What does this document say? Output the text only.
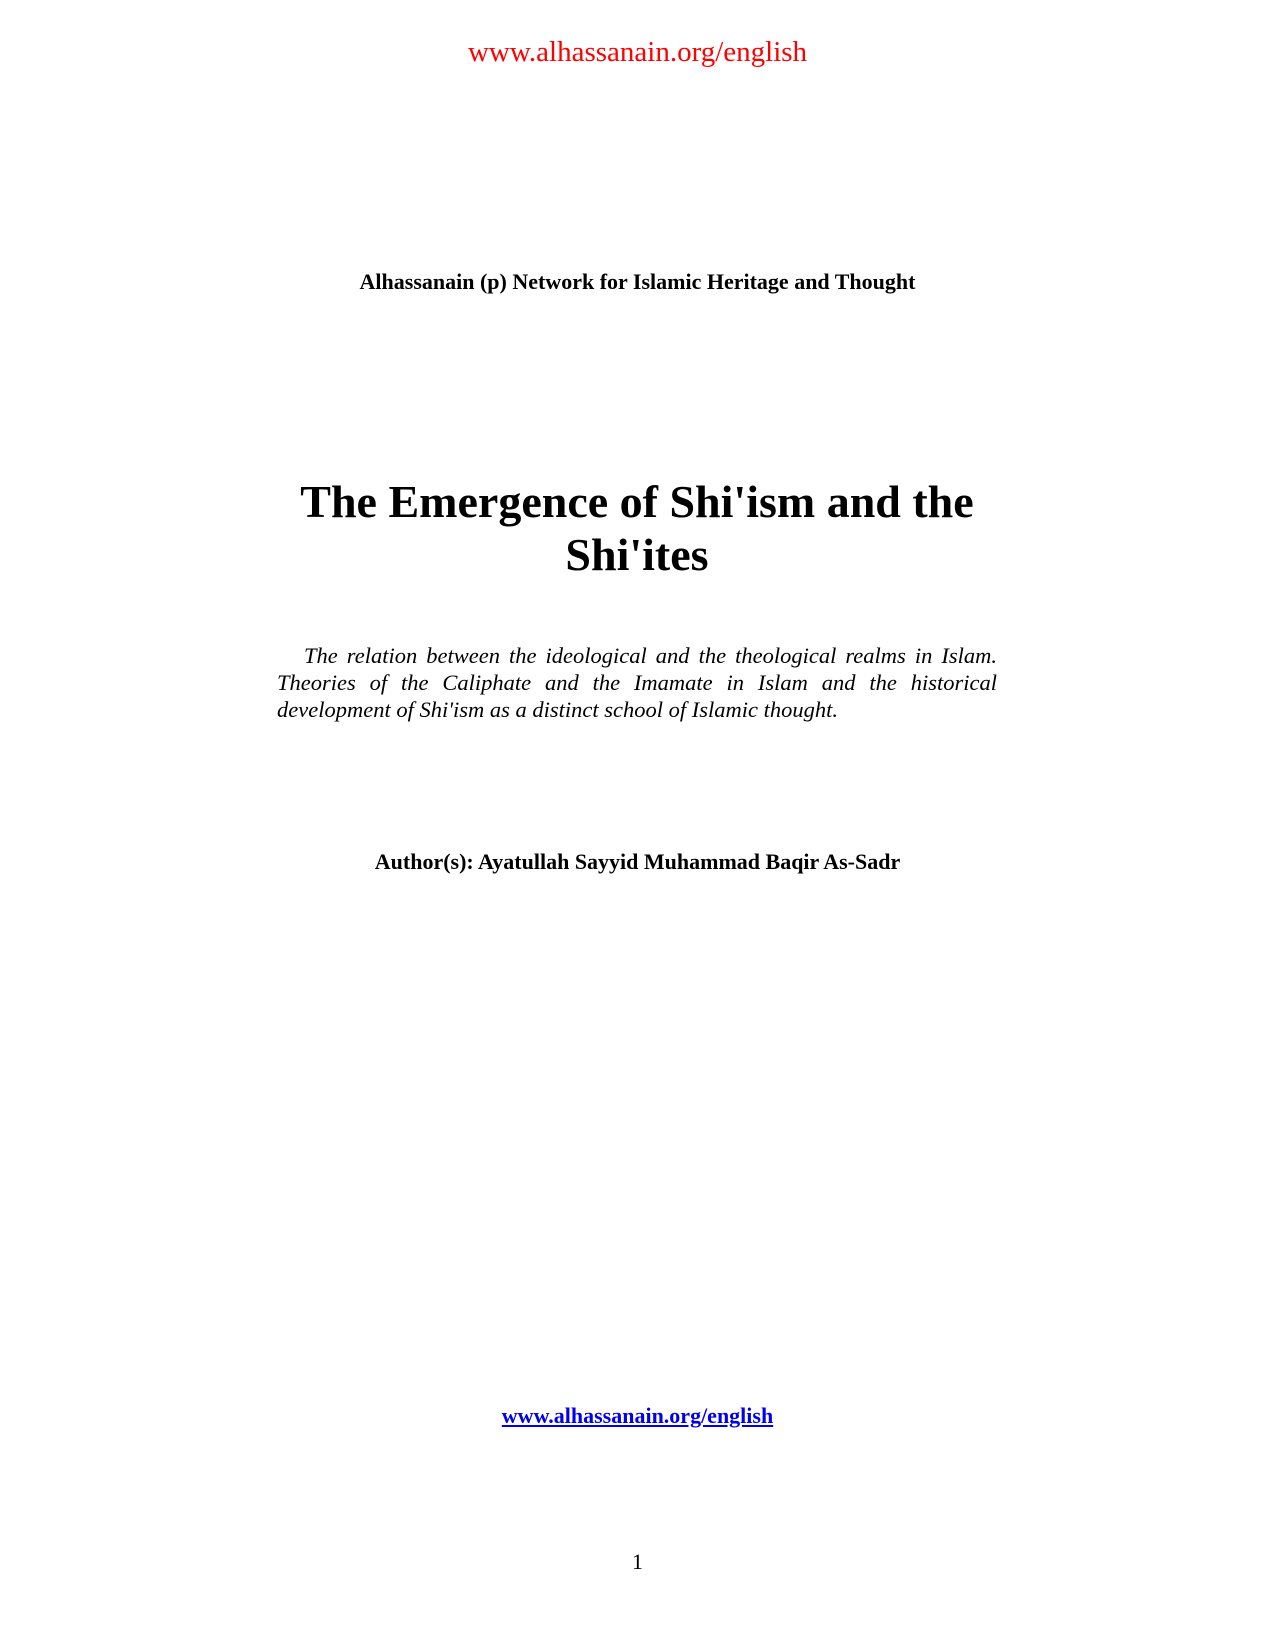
www.alhassanain.org/english
Alhassanain (p) Network for Islamic Heritage and Thought
The Emergence of Shi'ism and the Shi'ites

The relation between the ideological and the theological realms in Islam. Theories of the Caliphate and the Imamate in Islam and the historical development of Shi'ism as a distinct school of Islamic thought.

Author(s): Ayatullah Sayyid Muhammad Baqir As-Sadr
www.alhassanain.org/english
1
